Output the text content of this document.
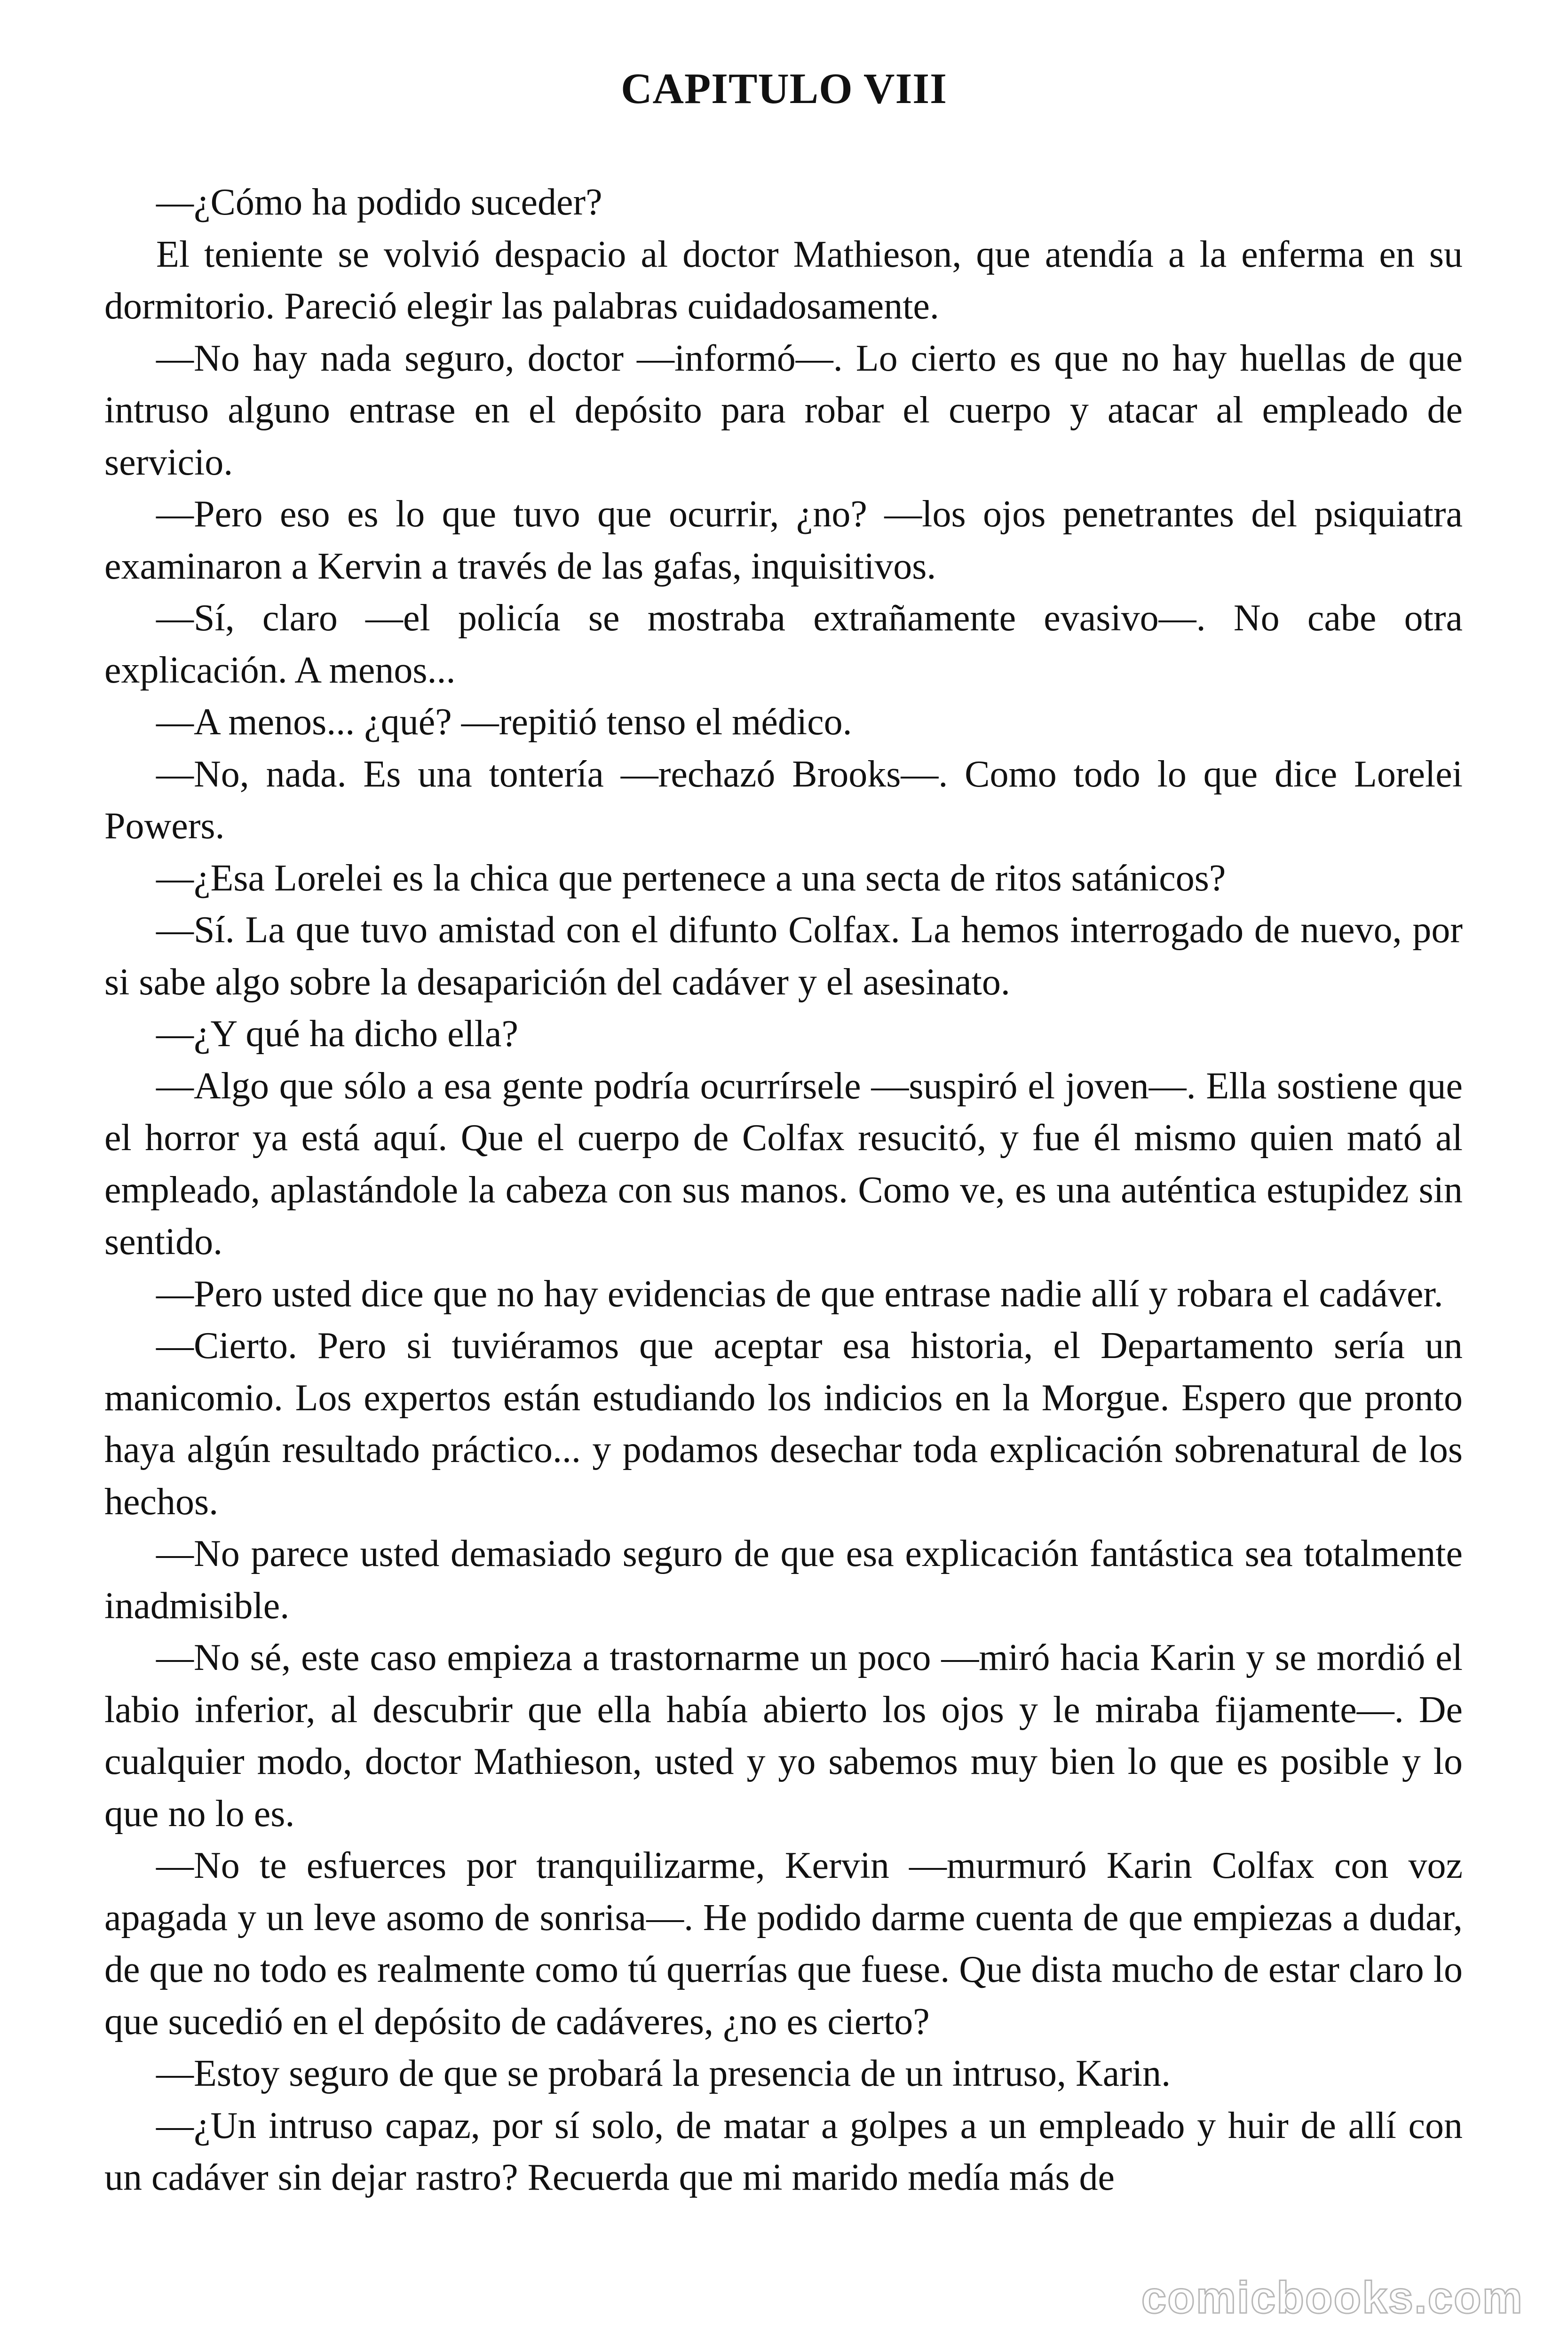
CAPITULO VIII

—¿Cómo ha podido suceder?

El teniente se volvió despacio al doctor Mathieson, que atendía a la enferma en su dormitorio. Pareció elegir las palabras cuidadosamente.

—No hay nada seguro, doctor —informó—. Lo cierto es que no hay huellas de que intruso alguno entrase en el depósito para robar el cuerpo y atacar al empleado de servicio.

—Pero eso es lo que tuvo que ocurrir, ¿no? —los ojos penetrantes del psiquiatra examinaron a Kervin a través de las gafas, inquisitivos.

—Sí, claro —el policía se mostraba extrañamente evasivo—. No cabe otra explicación. A menos...

—A menos... ¿qué? —repitió tenso el médico.

—No, nada. Es una tontería —rechazó Brooks—. Como todo lo que dice Lorelei Powers.

—¿Esa Lorelei es la chica que pertenece a una secta de ritos satánicos?

—Sí. La que tuvo amistad con el difunto Colfax. La hemos interrogado de nuevo, por si sabe algo sobre la desaparición del cadáver y el asesinato.

—¿Y qué ha dicho ella?

—Algo que sólo a esa gente podría ocurrírsele —suspiró el joven—. Ella sostiene que el horror ya está aquí. Que el cuerpo de Colfax resucitó, y fue él mismo quien mató al empleado, aplastándole la cabeza con sus manos. Como ve, es una auténtica estupidez sin sentido.

—Pero usted dice que no hay evidencias de que entrase nadie allí y robara el cadáver.

—Cierto. Pero si tuviéramos que aceptar esa historia, el Departamento sería un manicomio. Los expertos están estudiando los indicios en la Morgue. Espero que pronto haya algún resultado práctico... y podamos desechar toda explicación sobrenatural de los hechos.

—No parece usted demasiado seguro de que esa explicación fantástica sea totalmente inadmisible.

—No sé, este caso empieza a trastornarme un poco —miró hacia Karin y se mordió el labio inferior, al descubrir que ella había abierto los ojos y le miraba fijamente—. De cualquier modo, doctor Mathieson, usted y yo sabemos muy bien lo que es posible y lo que no lo es.

—No te esfuerces por tranquilizarme, Kervin —murmuró Karin Colfax con voz apagada y un leve asomo de sonrisa—. He podido darme cuenta de que empiezas a dudar, de que no todo es realmente como tú querrías que fuese. Que dista mucho de estar claro lo que sucedió en el depósito de cadáveres, ¿no es cierto?

—Estoy seguro de que se probará la presencia de un intruso, Karin.

—¿Un intruso capaz, por sí solo, de matar a golpes a un empleado y huir de allí con un cadáver sin dejar rastro? Recuerda que mi marido medía más de

comicbooks.com
